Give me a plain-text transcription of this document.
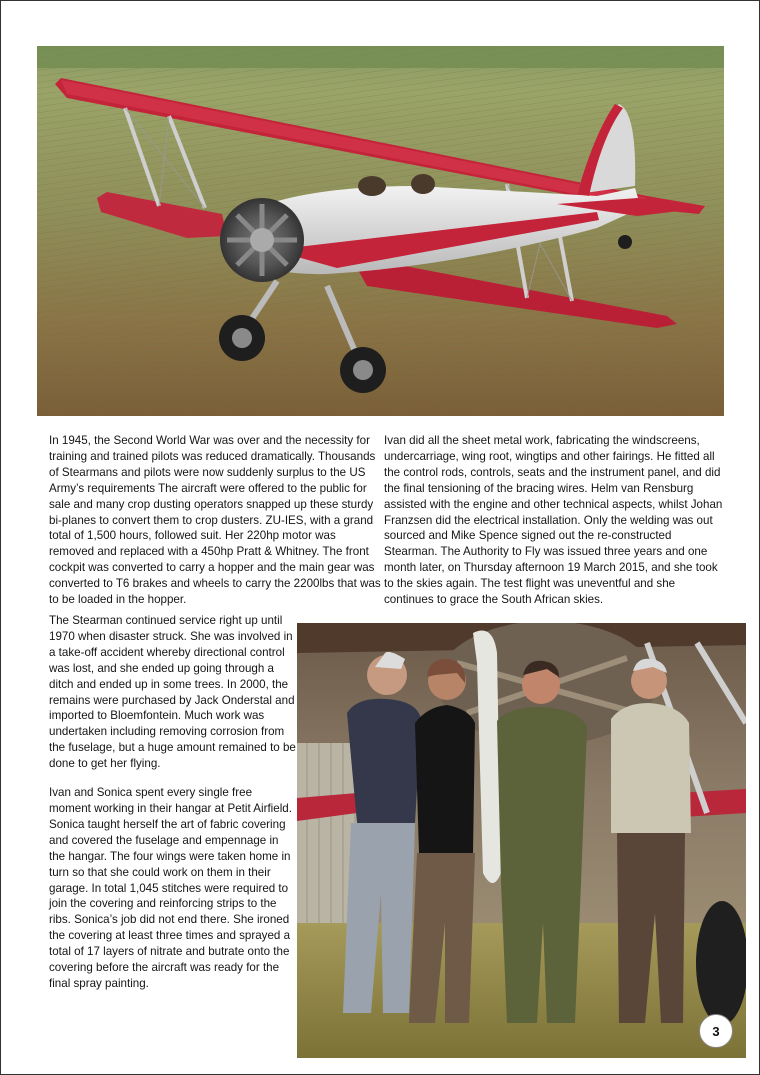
In 1945, the Second World War was over and the necessity for training and trained pilots was reduced dramatically. Thousands of Stearmans and pilots were now suddenly surplus to the US Army’s requirements The aircraft were offered to the public for sale and many crop dusting operators snapped up these sturdy bi-planes to convert them to crop dusters. ZU-IES, with a grand total of 1,500 hours, followed suit. Her 220hp motor was removed and replaced with a 450hp Pratt & Whitney. The front cockpit was converted to carry a hopper and the main gear was converted to T6 brakes and wheels to carry the 2200lbs that was to be loaded in the hopper.

Ivan did all the sheet metal work, fabricating the windscreens, undercarriage, wing root, wingtips and other fairings. He fitted all the control rods, controls, seats and the instrument panel, and did the final tensioning of the bracing wires. Helm van Rensburg assisted with the engine and other technical aspects, whilst Johan Franzsen did the electrical installation. Only the welding was out sourced and Mike Spence signed out the re-constructed Stearman. The Authority to Fly was issued three years and one month later, on Thursday afternoon 19 March 2015, and she took to the skies again. The test flight was uneventful and she continues to grace the South African skies.

The Stearman continued service right up until 1970 when disaster struck. She was involved in a take-off accident whereby directional control was lost, and she ended up going through a ditch and ended up in some trees. In 2000, the remains were purchased by Jack Onderstal and imported to Bloemfontein. Much work was undertaken including removing corrosion from the fuselage, but a huge amount remained to be done to get her flying.

Ivan and Sonica spent every single free moment working in their hangar at Petit Airfield. Sonica taught herself the art of fabric covering and covered the fuselage and empennage in the hangar. The four wings were taken home in turn so that she could work on them in their garage. In total 1,045 stitches were required to join the covering and reinforcing strips to the ribs. Sonica’s job did not end there. She ironed the covering at least three times and sprayed a total of 17 layers of nitrate and butrate onto the covering before the aircraft was ready for the final spray painting.

3
